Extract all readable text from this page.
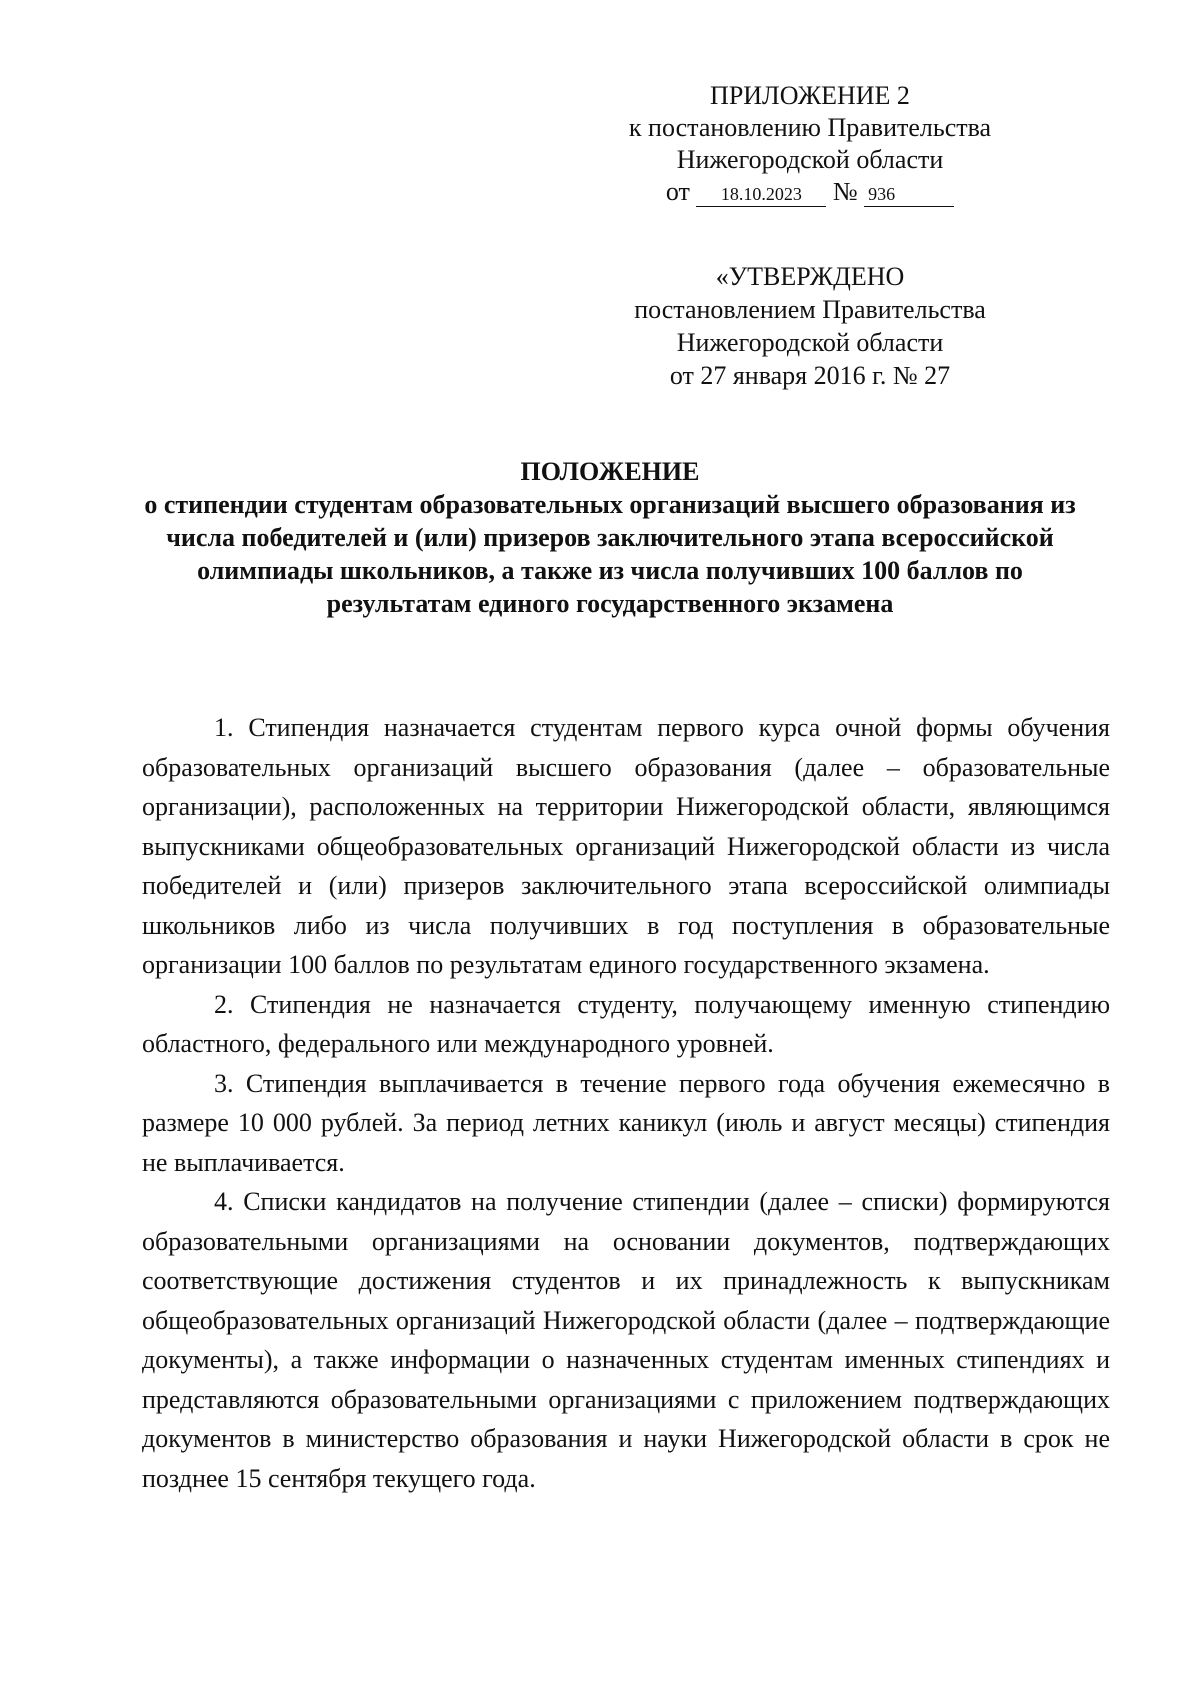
ПРИЛОЖЕНИЕ 2
к постановлению Правительства
Нижегородской области
от 18.10.2023 № 936
«УТВЕРЖДЕНО
постановлением Правительства
Нижегородской области
от 27 января 2016 г. № 27
ПОЛОЖЕНИЕ
о стипендии студентам образовательных организаций высшего образования из числа победителей и (или) призеров заключительного этапа всероссийской олимпиады школьников, а также из числа получивших 100 баллов по результатам единого государственного экзамена

1. Стипендия назначается студентам первого курса очной формы обучения образовательных организаций высшего образования (далее – образовательные организации), расположенных на территории Нижегородской области, являющимся выпускниками общеобразовательных организаций Нижегородской области из числа победителей и (или) призеров заключительного этапа всероссийской олимпиады школьников либо из числа получивших в год поступления в образовательные организации 100 баллов по результатам единого государственного экзамена.

2. Стипендия не назначается студенту, получающему именную стипендию областного, федерального или международного уровней.

3. Стипендия выплачивается в течение первого года обучения ежемесячно в размере 10 000 рублей. За период летних каникул (июль и август месяцы) стипендия не выплачивается.

4. Списки кандидатов на получение стипендии (далее – списки) формируются образовательными организациями на основании документов, подтверждающих соответствующие достижения студентов и их принадлежность к выпускникам общеобразовательных организаций Нижегородской области (далее – подтверждающие документы), а также информации о назначенных студентам именных стипендиях и представляются образовательными организациями с приложением подтверждающих документов в министерство образования и науки Нижегородской области в срок не позднее 15 сентября текущего года.
